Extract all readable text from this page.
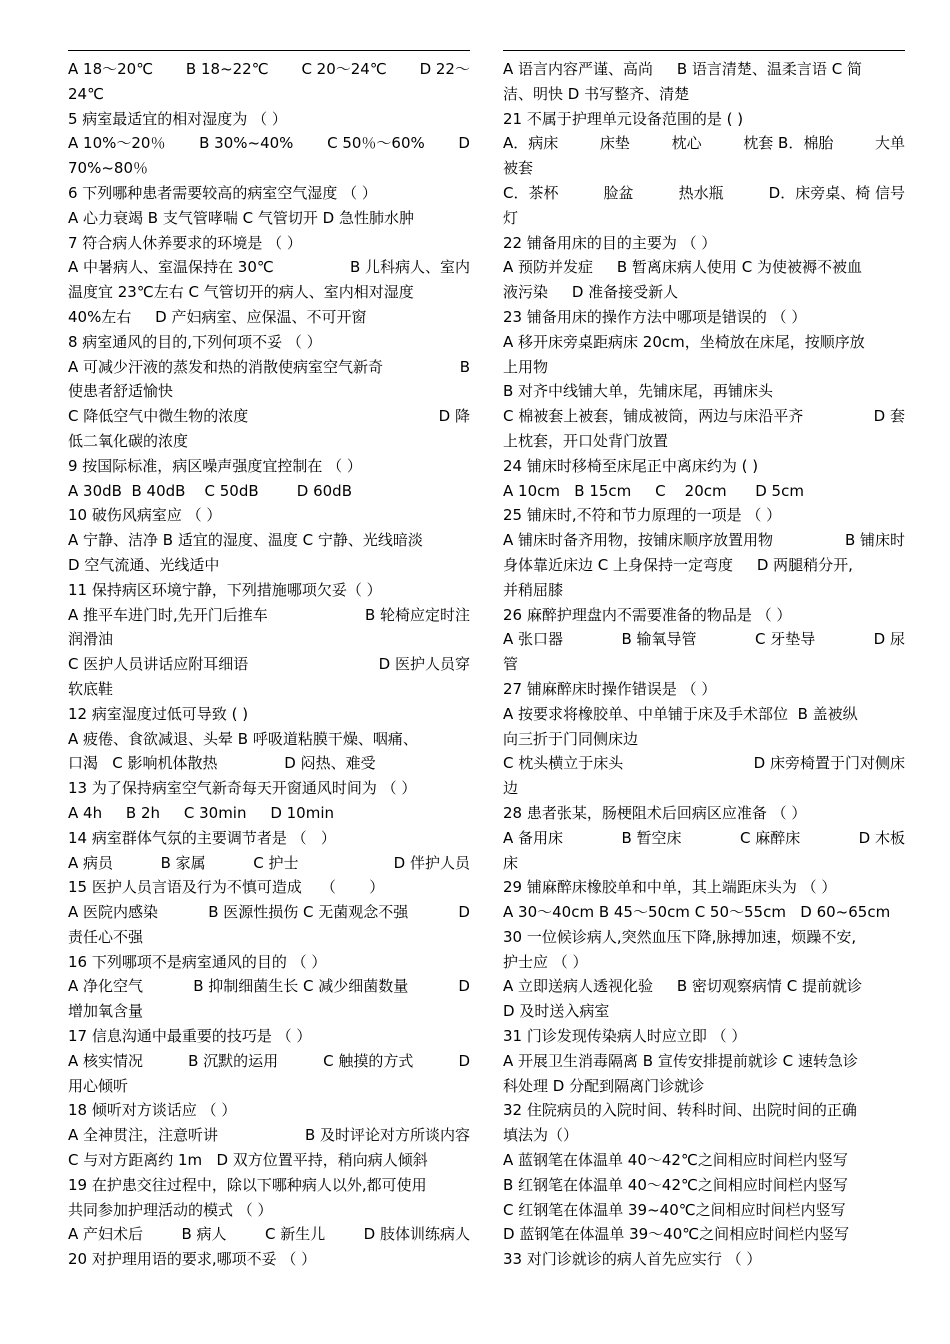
A 18～20℃ B 18~22℃ C 20～24℃ D 22～
24℃
5 病室最适宜的相对湿度为 （ ）
A 10%～20％ B 30%~40% C 50％～60% D
70%~80％
6 下列哪种患者需要较高的病室空气湿度 （ ）
A 心力衰竭 B 支气管哮喘 C 气管切开 D 急性肺水肿
7 符合病人休养要求的环境是 （ ）
A 中暑病人、室温保持在 30℃	B 儿科病人、室内
温度宜 23℃左右 C 气管切开的病人、室内相对湿度
40%左右     D 产妇病室、应保温、不可开窗
8 病室通风的目的,下列何项不妥 （ ）
A 可减少汗液的蒸发和热的消散使病室空气新奇	B
使患者舒适愉快
C 降低空气中微生物的浓度	D 降
低二氧化碳的浓度
9 按国际标准，病区噪声强度宜控制在 （ ）
A 30dB  B 40dB    C 50dB        D 60dB
10 破伤风病室应 （ ）
A 宁静、洁净 B 适宜的湿度、温度 C 宁静、光线暗淡
D 空气流通、光线适中
11 保持病区环境宁静，下列措施哪项欠妥（ ）
A 推平车进门时,先开门后推车	B 轮椅应定时注
润滑油
C 医护人员讲话应附耳细语	D 医护人员穿
软底鞋
12 病室湿度过低可导致 ( )
A 疲倦、食欲减退、头晕 B 呼吸道粘膜干燥、咽痛、
口渴   C 影响机体散热              D 闷热、难受
13 为了保持病室空气新奇每天开窗通风时间为 （ ）
A 4h     B 2h     C 30min     D 10min
14 病室群体气氛的主要调节者是 （   ）
A 病员	B 家属	C 护士	D 伴护人员
15 医护人员言语及行为不慎可造成    （       ）
A 医院内感染	B 医源性损伤 C 无菌观念不强	D
责任心不强
16 下列哪项不是病室通风的目的 （ ）
A 净化空气	B 抑制细菌生长 C 减少细菌数量	D
增加氧含量
17 信息沟通中最重要的技巧是 （ ）
A 核实情况	B 沉默的运用	C 触摸的方式	D
用心倾听
18 倾听对方谈话应 （ ）
A 全神贯注，注意听讲	B 及时评论对方所谈内容
C 与对方距离约 1m   D 双方位置平持，稍向病人倾斜
19 在护患交往过程中，除以下哪种病人以外,都可使用
共同参加护理活动的模式 （ ）
A 产妇术后	B 病人	C 新生儿	D 肢体训练病人
20 对护理用语的要求,哪项不妥 （ ）
A 语言内容严谨、高尚     B 语言清楚、温柔言语 C 简
洁、明快 D 书写整齐、清楚
21 不属于护理单元设备范围的是 ( )
A．病床	床垫	枕心	枕套 B．棉胎	大单
被套
C．茶杯	脸盆	热水瓶	D．床旁桌、椅 信号
灯
22 铺备用床的目的主要为 （ ）
A 预防并发症     B 暂离床病人使用 C 为使被褥不被血
液污染     D 准备接受新人
23 铺备用床的操作方法中哪项是错误的 （ ）
A 移开床旁桌距病床 20cm，坐椅放在床尾，按顺序放
上用物
B 对齐中线铺大单，先铺床尾，再铺床头
C 棉被套上被套，铺成被筒，两边与床沿平齐	D 套
上枕套，开口处背门放置
24 铺床时移椅至床尾正中离床约为 ( )
A 10cm   B 15cm     C    20cm      D 5cm
25 铺床时,不符和节力原理的一项是 （ ）
A 铺床时备齐用物，按铺床顺序放置用物	B 铺床时
身体靠近床边 C 上身保持一定弯度     D 两腿稍分开,
并稍屈膝
26 麻醉护理盘内不需要准备的物品是 （ ）
A 张口器	B 输氧导管	C 牙垫导	D 尿
管
27 铺麻醉床时操作错误是 （ ）
A 按要求将橡胶单、中单铺于床及手术部位  B 盖被纵
向三折于门同侧床边
C 枕头横立于床头	D 床旁椅置于门对侧床
边
28 患者张某，肠梗阻术后回病区应准备 （ ）
A 备用床	B 暂空床	C 麻醉床	D 木板
床
29 铺麻醉床橡胶单和中单，其上端距床头为 （ ）
A 30～40cm B 45～50cm C 50～55cm   D 60~65cm
30 一位候诊病人,突然血压下降,脉搏加速，烦躁不安,
护士应 （ ）
A 立即送病人透视化验     B 密切观察病情 C 提前就诊
D 及时送入病室
31 门诊发现传染病人时应立即 （ ）
A 开展卫生消毒隔离 B 宣传安排提前就诊 C 速转急诊
科处理 D 分配到隔离门诊就诊
32 住院病员的入院时间、转科时间、出院时间的正确
填法为（）
A 蓝钢笔在体温单 40～42℃之间相应时间栏内竖写
B 红钢笔在体温单 40～42℃之间相应时间栏内竖写
C 红钢笔在体温单 39~40℃之间相应时间栏内竖写
D 蓝钢笔在体温单 39～40℃之间相应时间栏内竖写
33 对门诊就诊的病人首先应实行 （ ）
